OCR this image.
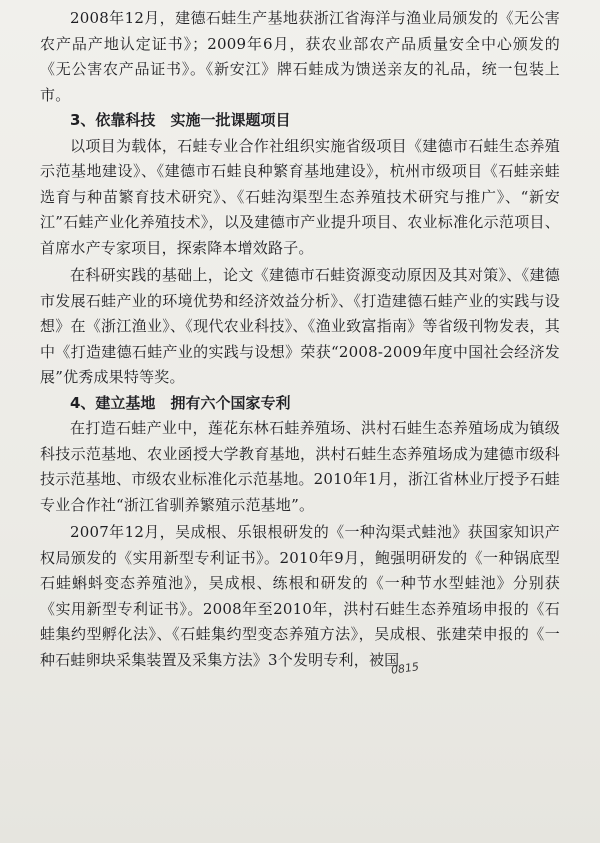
2008年12月，建德石蛙生产基地获浙江省海洋与渔业局颁发的《无公害农产品产地认定证书》；2009年6月，获农业部农产品质量安全中心颁发的《无公害农产品证书》。《新安江》牌石蛙成为馈送亲友的礼品，统一包装上市。

3、依靠科技　实施一批课题项目

以项目为载体，石蛙专业合作社组织实施省级项目《建德市石蛙生态养殖示范基地建设》、《建德市石蛙良种繁育基地建设》，杭州市级项目《石蛙亲蛙选育与种苗繁育技术研究》、《石蛙沟渠型生态养殖技术研究与推广》、“新安江”石蛙产业化养殖技术》，以及建德市产业提升项目、农业标准化示范项目、首席水产专家项目，探索降本增效路子。

在科研实践的基础上，论文《建德市石蛙资源变动原因及其对策》、《建德市发展石蛙产业的环境优势和经济效益分析》、《打造建德石蛙产业的实践与设想》在《浙江渔业》、《现代农业科技》、《渔业致富指南》等省级刊物发表，其中《打造建德石蛙产业的实践与设想》荣获“2008-2009年度中国社会经济发展”优秀成果特等奖。

4、建立基地　拥有六个国家专利

在打造石蛙产业中，莲花东林石蛙养殖场、洪村石蛙生态养殖场成为镇级科技示范基地、农业函授大学教育基地，洪村石蛙生态养殖场成为建德市级科技示范基地、市级农业标准化示范基地。2010年1月，浙江省林业厅授予石蛙专业合作社“浙江省驯养繁殖示范基地”。

2007年12月，吴成根、乐银根研发的《一种沟渠式蛙池》获国家知识产权局颁发的《实用新型专利证书》。2010年9月，鲍强明研发的《一种锅底型石蛙蝌蚪变态养殖池》，吴成根、练根和研发的《一种节水型蛙池》分别获《实用新型专利证书》。2008年至2010年，洪村石蛙生态养殖场申报的《石蛙集约型孵化法》、《石蛙集约型变态养殖方法》，吴成根、张建荣申报的《一种石蛙卵块采集装置及采集方法》3个发明专利，被国

0815
